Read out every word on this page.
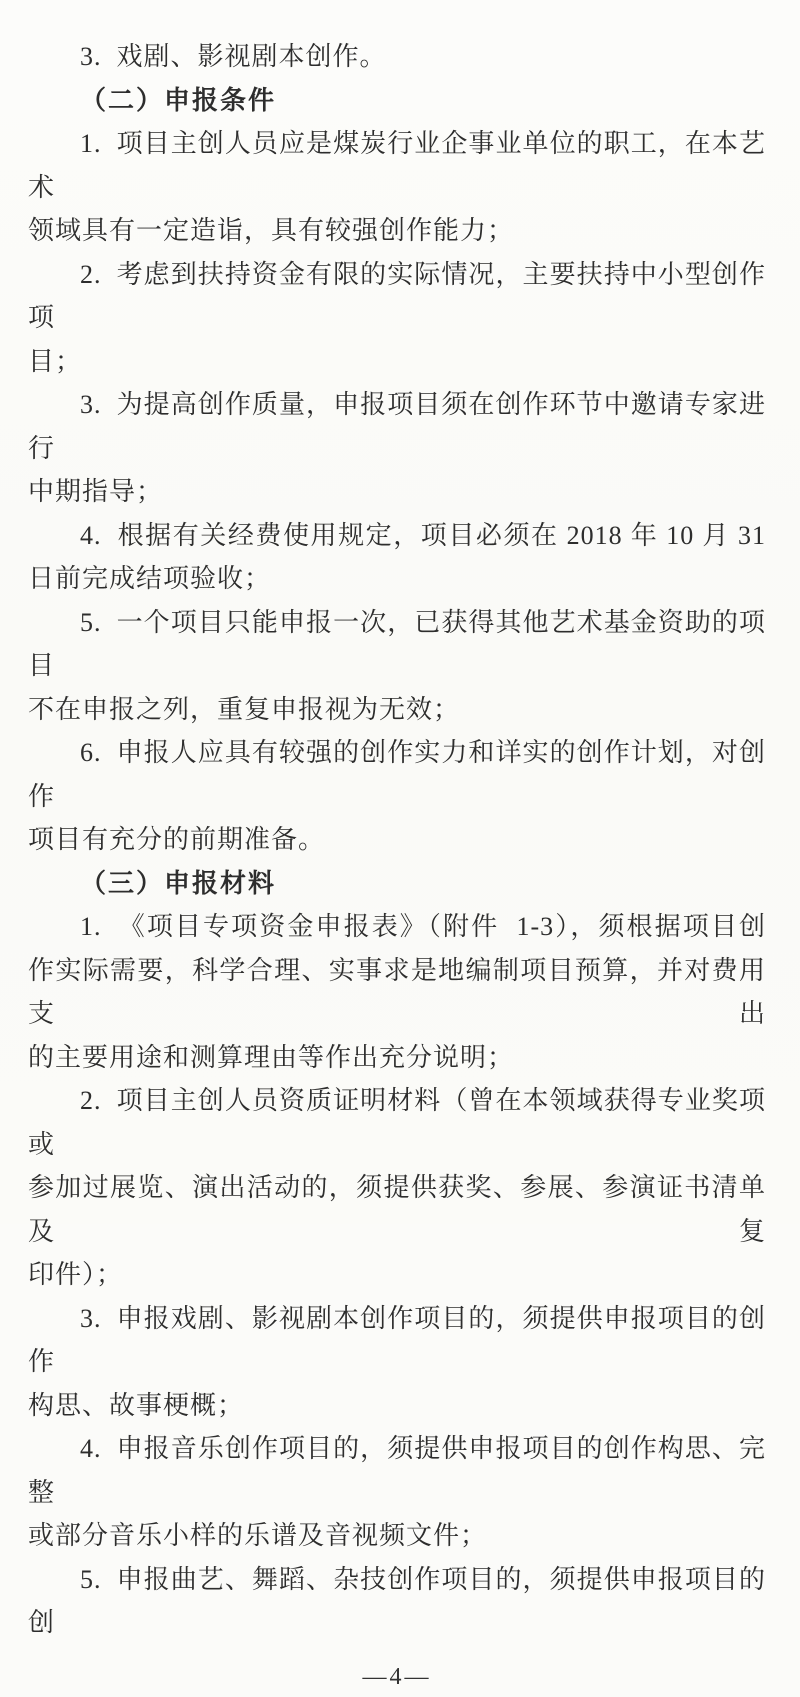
3.  戏剧、影视剧本创作。
（二）申报条件
1.  项目主创人员应是煤炭行业企事业单位的职工，在本艺术
领域具有一定造诣，具有较强创作能力；
2.  考虑到扶持资金有限的实际情况，主要扶持中小型创作项
目；
3.  为提高创作质量，申报项目须在创作环节中邀请专家进行
中期指导；
4.  根据有关经费使用规定，项目必须在 2018 年 10 月 31
日前完成结项验收；
5.  一个项目只能申报一次，已获得其他艺术基金资助的项目
不在申报之列，重复申报视为无效；
6.  申报人应具有较强的创作实力和详实的创作计划，对创作
项目有充分的前期准备。
（三）申报材料
1.  《项目专项资金申报表》（附件  1-3），须根据项目创
作实际需要，科学合理、实事求是地编制项目预算，并对费用支出
的主要用途和测算理由等作出充分说明；
2.  项目主创人员资质证明材料（曾在本领域获得专业奖项或
参加过展览、演出活动的，须提供获奖、参展、参演证书清单及复
印件）；
3.  申报戏剧、影视剧本创作项目的，须提供申报项目的创作
构思、故事梗概；
4.  申报音乐创作项目的，须提供申报项目的创作构思、完整
或部分音乐小样的乐谱及音视频文件；
5.  申报曲艺、舞蹈、杂技创作项目的，须提供申报项目的创
—4—
